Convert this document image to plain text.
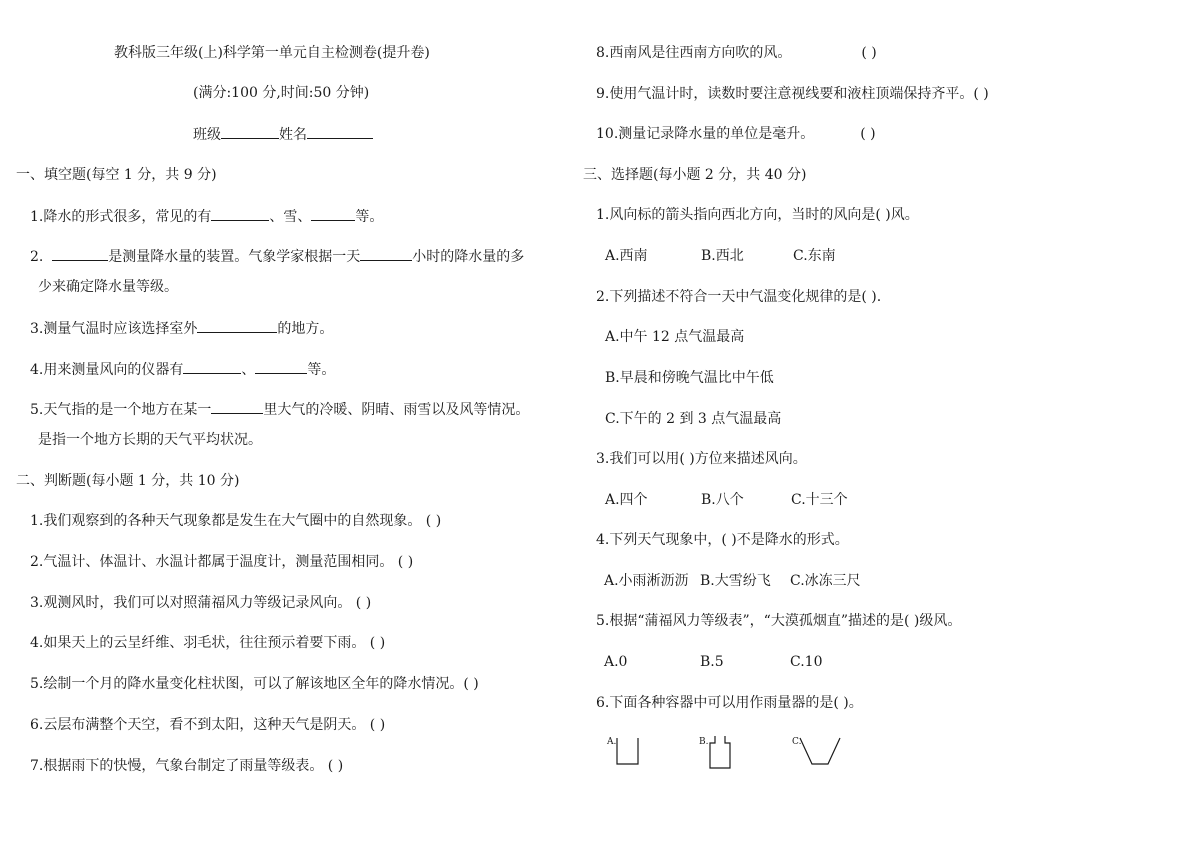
教科版三年级(上)科学第一单元自主检测卷(提升卷)
(满分:100 分,时间:50 分钟)
班级	姓名
一、填空题(每空 1 分，共 9 分)
1.降水的形式很多，常见的有	、雪、	等。
2.	是测量降水量的装置。气象学家根据一天	小时的降水量的多
少来确定降水量等级。
3.测量气温时应该选择室外	的地方。
4.用来测量风向的仪器有	、	等。
5.天气指的是一个地方在某一	里大气的冷暖、阴晴、雨雪以及风等情况。
是指一个地方长期的天气平均状况。
二、判断题(每小题 1 分，共 10 分)
1.我们观察到的各种天气现象都是发生在大气圈中的自然现象。 ( )
2.气温计、体温计、水温计都属于温度计，测量范围相同。 ( )
3.观测风时，我们可以对照蒲福风力等级记录风向。 ( )
4.如果天上的云呈纤维、羽毛状，往往预示着要下雨。 ( )
5.绘制一个月的降水量变化柱状图，可以了解该地区全年的降水情况。( )
6.云层布满整个天空，看不到太阳，这种天气是阴天。 ( )
7.根据雨下的快慢，气象台制定了雨量等级表。 ( )
8.西南风是往西南方向吹的风。	( )
9.使用气温计时，读数时要注意视线要和液柱顶端保持齐平。( )
10.测量记录降水量的单位是毫升。	( )
三、选择题(每小题 2 分，共 40 分)
1.风向标的箭头指向西北方向，当时的风向是( )风。
A.西南	B.西北	C.东南
2.下列描述不符合一天中气温变化规律的是( ).
A.中午 12 点气温最高
B.早晨和傍晚气温比中午低
C.下午的 2 到 3 点气温最高
3.我们可以用( )方位来描述风向。
A.四个	B.八个	C.十三个
4.下列天气现象中，( )不是降水的形式。
A.小雨淅沥沥 B.大雪纷飞 C.冰冻三尺
5.根据“蒲福风力等级表”，“大漠孤烟直”描述的是( )级风。
A.0	B.5	C.10
6.下面各种容器中可以用作雨量器的是( )。
A.	B.	C.
